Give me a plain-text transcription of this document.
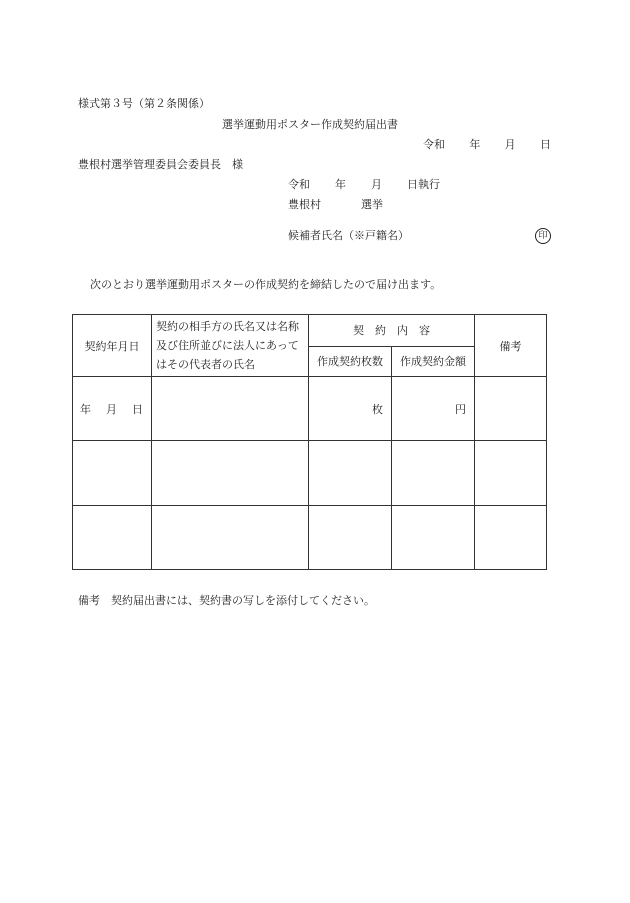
様式第３号（第２条関係）
選挙運動用ポスター作成契約届出書
令和 年 月 日
豊根村選挙管理委員会委員長　様
令和 年 月 日執行
豊根村	選挙
候補者氏名（※戸籍名）	印
次のとおり選挙運動用ポスターの作成契約を締結したので届け出ます。
契約年月日	契約の相手方の氏名又は名称及び住所並びに法人にあってはその代表者の氏名	契　約　内　容		備考
		作成契約枚数	作成契約金額	
年 月 日		枚	円	

備考 契約届出書には、契約書の写しを添付してください。
